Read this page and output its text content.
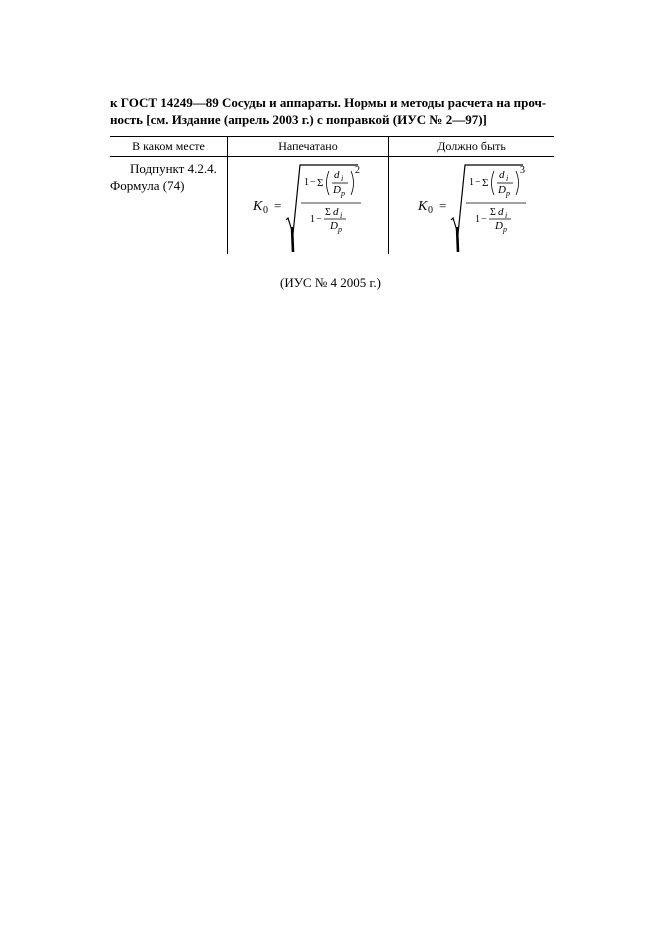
к ГОСТ 14249—89 Сосуды и аппараты. Нормы и методы расчета на проч-
ность [см. Издание (апрель 2003 г.) с поправкой (ИУС № 2—97)]
В каком месте	Напечатано	Должно быть
Подпункт 4.2.4.
Формула (74)
K 0 =
1 − Σ
d i
D p
2
1 −
Σ d i
D p
K 0 =
1 − Σ
d i
D p
3
1 −
Σ d i
D p
(ИУС № 4 2005 г.)
